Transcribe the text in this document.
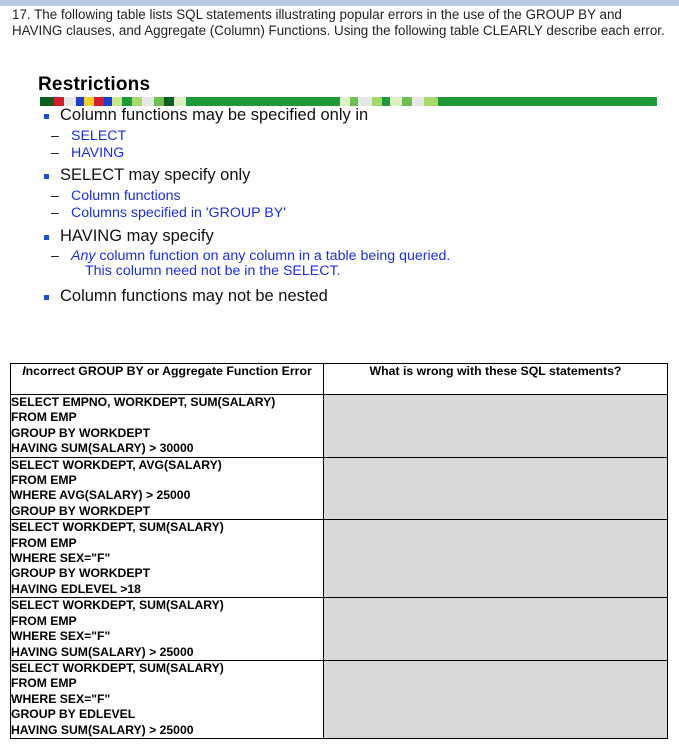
17. The following table lists SQL statements illustrating popular errors in the use of the GROUP BY and HAVING clauses, and Aggregate (Column) Functions. Using the following table CLEARLY describe each error.
Restrictions
Column functions may be specified only in
– SELECT
– HAVING
SELECT may specify only
– Column functions
– Columns specified in 'GROUP BY'
HAVING may specify
– Any column function on any column in a table being queried.
This column need not be in the SELECT.
Column functions may not be nested
Incorrect GROUP BY or Aggregate Function Error	What is wrong with these SQL statements?

SELECT EMPNO, WORKDEPT, SUM(SALARY)
FROM EMP
GROUP BY WORKDEPT
HAVING SUM(SALARY) > 30000	

SELECT WORKDEPT, AVG(SALARY)
FROM EMP
WHERE AVG(SALARY) > 25000
GROUP BY WORKDEPT	

SELECT WORKDEPT, SUM(SALARY)
FROM EMP
WHERE SEX="F"
GROUP BY WORKDEPT
HAVING EDLEVEL >18	

SELECT WORKDEPT, SUM(SALARY)
FROM EMP
WHERE SEX="F"
HAVING SUM(SALARY) > 25000	

SELECT WORKDEPT, SUM(SALARY)
FROM EMP
WHERE SEX="F"
GROUP BY EDLEVEL
HAVING SUM(SALARY) > 25000	
